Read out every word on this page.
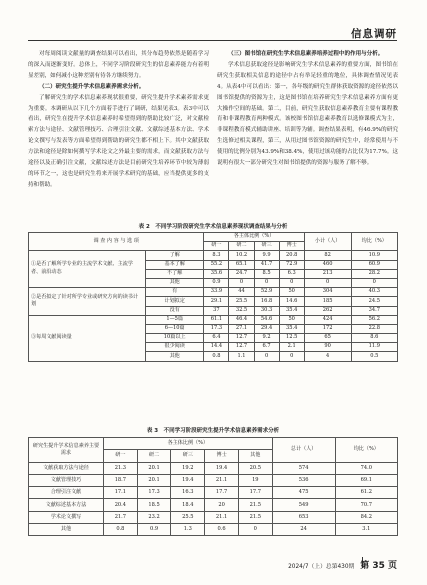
信息调研

对每周阅读文献量的调查结果可以看出，其分布趋势依然是随着学习的深入而逐渐变好。总体上，不同学习阶段研究生的信息素养能力有着明显差别，如何减小这种差别有待各方继续努力。

（二）研究生提升学术信息素养需求分析。

了解研究生的学术信息素养现状很重要，研究生提升学术素养需求更为重要。本调研从以下几个方面着手进行了调研，结果见表3。表3中可以看出，研究生在提升学术信息素养时希望得到的帮助比较广泛，对文献检索方法与途径、文献管理技巧、合理引注文献、文献综述基本方法、学术论文撰写与发表等方面希望得到帮助的研究生都不相上下。其中文献获取方法和途径是除如何撰写学术论文之外最主要的需求，而文献获取方法与途径以及正确引注文献，文献综述方法是目前研究生培养环节中较为薄弱的环节之一，这也是研究生将来开展学术研究的基础，应当提供更多的支持和帮助。

（三）图书馆在研究生学术信息素养培养过程中的作用与分析。

学术信息获取途径是影响研究生学术信息素养的重要方面，图书馆在研究生获取相关信息的途径中占有举足轻重的地位，具体调查情况见表4。从表4中可以看出：第一，各年级的研究生群体获取资源的途径依然以图书馆提供的资源为主，这是图书馆在培养研究生学术信息素养方面有更大操作空间的基础。第二，目前，研究生获取信息素养教育主要有课程教育和非课程教育两种模式。该校图书馆信息素养教育以选修课模式为主，非课程教育模式辅助讲座、培训等为辅。调查结果表明，有46.9%的研究生选修过相关课程，第三，从用过图书馆资源的研究生中，经常使用与不使用的比例分别为43.9%和38.4%，使用过该功能的占比仅为17.7%。这说明有很大一部分研究生对图书馆提供的资源与服务了解不够。

表 2　不同学习阶段研究生学术信息素养现状调查结果与分析
调 查 内 容 与 选 项		各主体比例（%）				小计（人）	均比（%）
		研一	研二	研三	博士		
①是否了解所学专业的主流学术文献、主流学者、前沿动态	了解	8.3	10.2	9.9	20.8	82	10.9
	基本了解	55.2	65.1	41.7	72.9	460	60.9
	不了解	35.6	24.7	8.5	6.3	213	28.2
	其他	0.9	0	0	0	0	0
②是否拟定了针对所学专业或研究方向的读书计划	有	33.9	44	52.9	50	304	40.3
	计划拟定	29.1	25.5	16.8	14.6	185	24.5
	没有	37	32.5	30.3	35.4	262	34.7
③每周文献阅读量	1—5篇	61.1	46.4	54.6	50	424	56.2
	6—10篇	17.3	27.1	29.4	35.4	172	22.8
	10篇以上	6.4	12.7	9.2	12.5	65	8.6
	很少阅读	14.4	12.7	6.7	2.1	90	11.9
	其他	0.8	1.1	0	0	4	0.5
表 3　不同学习阶段研究生提升学术信息素养需求分析
研究生提升学术信息素养主要需求	各主体比例（%）					总计（人）	均比（%）
	研一	研二	研三	博士	其他		
文献获取方法与途径	21.3	20.1	19.2	19.4	20.5	574	74.0
文献管理技巧	18.7	20.1	19.4	21.1	19	536	69.1
合理引注文献	17.1	17.3	16.3	17.7	17.7	475	61.2
文献综述基本方法	20.4	18.5	18.4	20	21.5	549	70.7
学术论文撰写	21.7	23.2	25.5	21.1	21.5	653	84.2
其他	0.8	0.9	1.3	0.6	0	24	3.1
2024/7（上）总第430期 第 35 页
